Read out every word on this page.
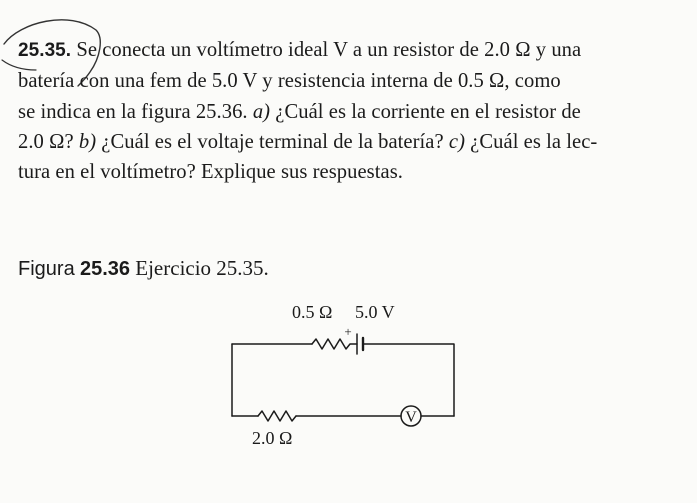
25.35. Se conecta un voltímetro ideal V a un resistor de 2.0 Ω y una
batería con una fem de 5.0 V y resistencia interna de 0.5 Ω, como
se indica en la figura 25.36. a) ¿Cuál es la corriente en el resistor de
2.0 Ω? b) ¿Cuál es el voltaje terminal de la batería? c) ¿Cuál es la lec-
tura en el voltímetro? Explique sus respuestas.
Figura 25.36 Ejercicio 25.35.
+
V
0.5 Ω 5.0 V
2.0 Ω
